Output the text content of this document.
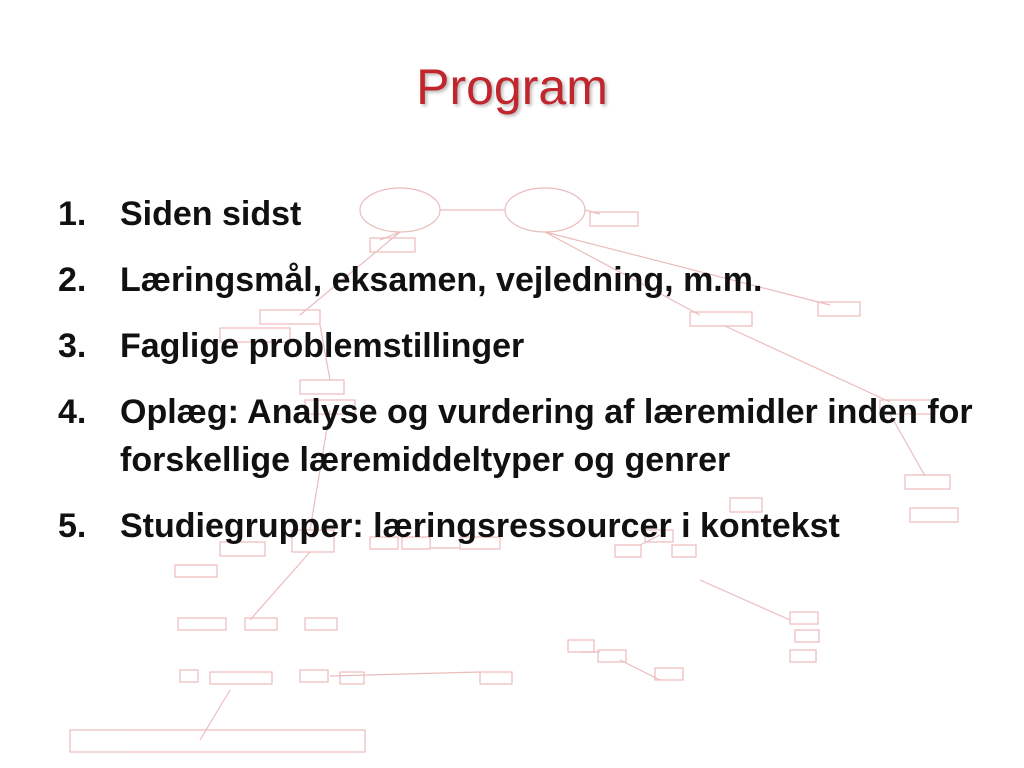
Program
1. Siden sidst
2. Læringsmål, eksamen, vejledning, m.m.
3. Faglige problemstillinger
4. Oplæg: Analyse og vurdering af læremidler inden for forskellige læremiddeltyper og genrer
5. Studiegrupper: læringsressourcer i kontekst
